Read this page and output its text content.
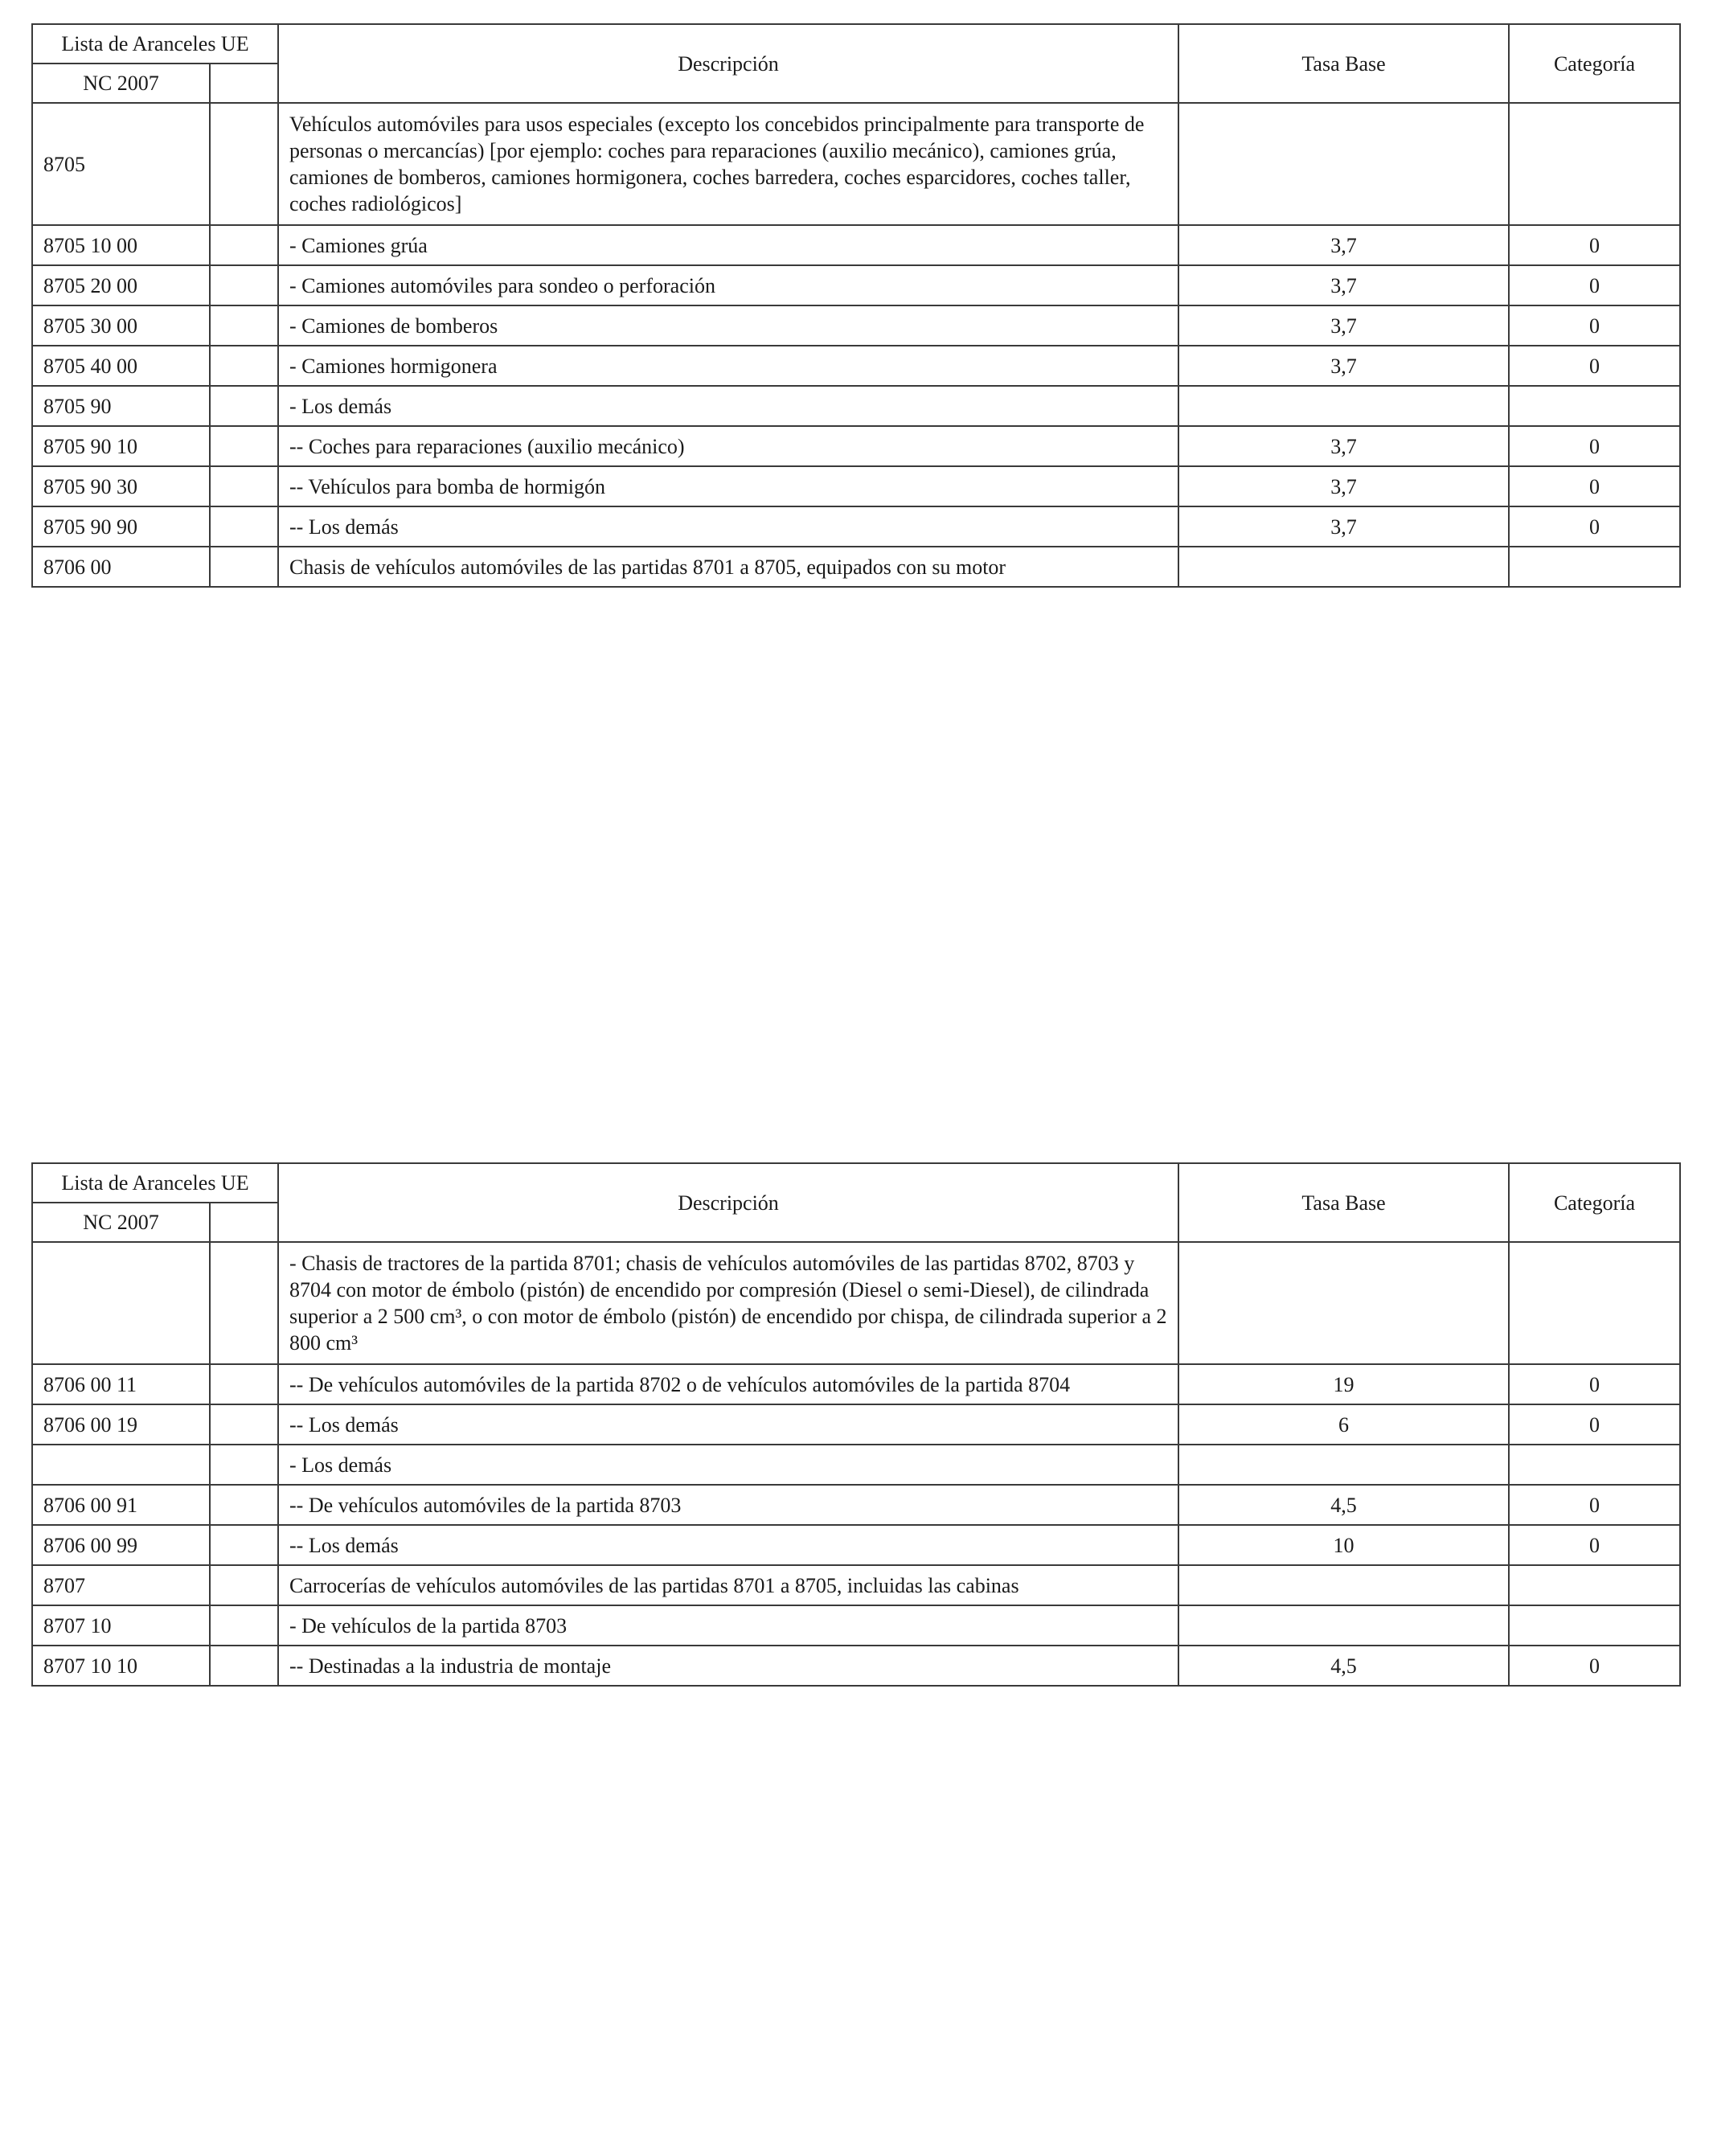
Lista de Aranceles UE		Descripción	Tasa Base	Categoría
NC 2007				
8705		Vehículos automóviles para usos especiales (excepto los concebidos principalmente para transporte de personas o mercancías) [por ejemplo: coches para reparaciones (auxilio mecánico), camiones grúa, camiones de bomberos, camiones hormigonera, coches barredera, coches esparcidores, coches taller, coches radiológicos]		
8705 10 00		- Camiones grúa	3,7	0
8705 20 00		- Camiones automóviles para sondeo o perforación	3,7	0
8705 30 00		- Camiones de bomberos	3,7	0
8705 40 00		- Camiones hormigonera	3,7	0
8705 90		- Los demás		
8705 90 10		-- Coches para reparaciones (auxilio mecánico)	3,7	0
8705 90 30		-- Vehículos para bomba de hormigón	3,7	0
8705 90 90		-- Los demás	3,7	0
8706 00		Chasis de vehículos automóviles de las partidas 8701 a 8705, equipados con su motor		
Lista de Aranceles UE		Descripción	Tasa Base	Categoría
NC 2007				
		- Chasis de tractores de la partida 8701; chasis de vehículos automóviles de las partidas 8702, 8703 y 8704 con motor de émbolo (pistón) de encendido por compresión (Diesel o semi-Diesel), de cilindrada superior a 2 500 cm³, o con motor de émbolo (pistón) de encendido por chispa, de cilindrada superior a 2 800 cm³		
8706 00 11		-- De vehículos automóviles de la partida 8702 o de vehículos automóviles de la partida 8704	19	0
8706 00 19		-- Los demás	6	0
		- Los demás		
8706 00 91		-- De vehículos automóviles de la partida 8703	4,5	0
8706 00 99		-- Los demás	10	0
8707		Carrocerías de vehículos automóviles de las partidas 8701 a 8705, incluidas las cabinas		
8707 10		- De vehículos de la partida 8703		
8707 10 10		-- Destinadas a la industria de montaje	4,5	0
